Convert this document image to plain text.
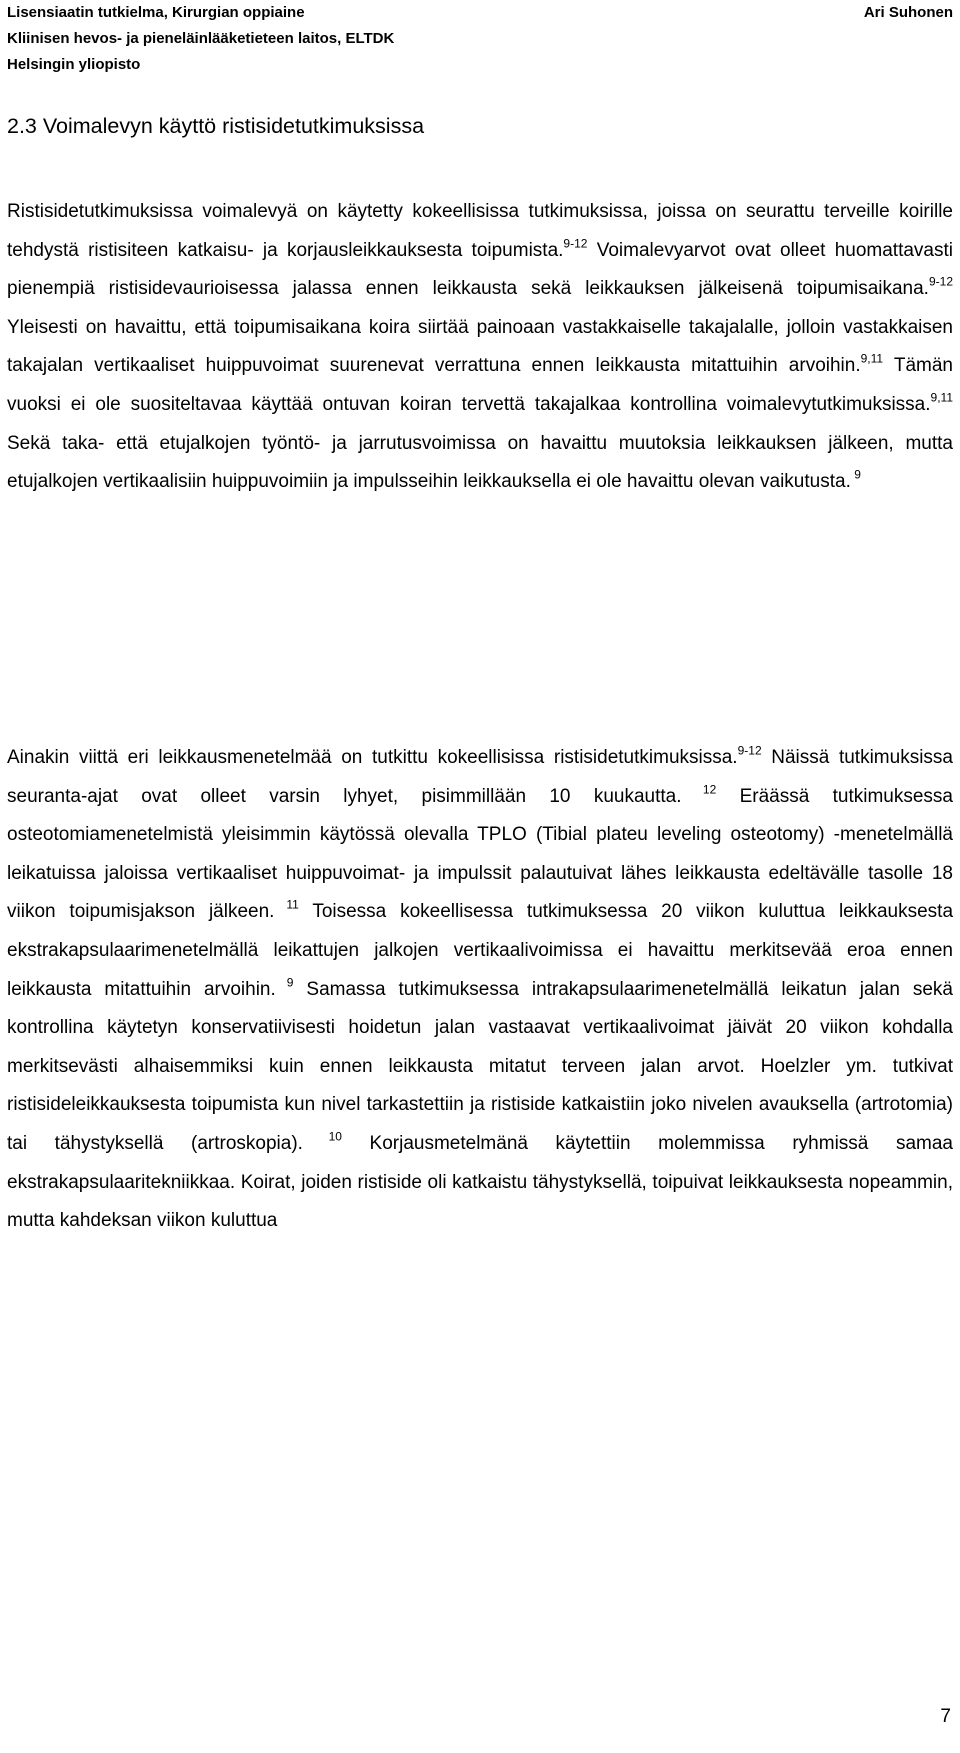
Lisensiaatin tutkielma, Kirurgian oppiaine	Ari Suhonen
Kliinisen hevos- ja pieneläinlääketieteen laitos, ELTDK
Helsingin yliopisto
2.3 Voimalevyn käyttö ristisidetutkimuksissa

Ristisidetutkimuksissa voimalevyä on käytetty kokeellisissa tutkimuksissa, joissa on seurattu terveille koirille tehdystä ristisiteen katkaisu- ja korjausleikkauksesta toipumista.$^{9-12}$ Voimalevyarvot ovat olleet huomattavasti pienempiä ristisidevaurioisessa jalassa ennen leikkausta sekä leikkauksen jälkeisenä toipumisaikana.$^{9-12}$ Yleisesti on havaittu, että toipumisaikana koira siirtää painoaan vastakkaiselle takajalalle, jolloin vastakkaisen takajalan vertikaaliset huippuvoimat suurenevat verrattuna ennen leikkausta mitattuihin arvoihin.$^{9,11}$ Tämän vuoksi ei ole suositeltavaa käyttää ontuvan koiran tervettä takajalkaa kontrollina voimalevytutkimuksissa.$^{9,11}$ Sekä taka- että etujalkojen työntö- ja jarrutusvoimissa on havaittu muutoksia leikkauksen jälkeen, mutta etujalkojen vertikaalisiin huippuvoimiin ja impulsseihin leikkauksella ei ole havaittu olevan vaikutusta. $^9$

Ainakin viittä eri leikkausmenetelmää on tutkittu kokeellisissa ristisidetutkimuksissa.$^{9-12}$ Näissä tutkimuksissa seuranta-ajat ovat olleet varsin lyhyet, pisimmillään 10 kuukautta. $^{12}$ Eräässä tutkimuksessa osteotomiamenetelmistä yleisimmin käytössä olevalla TPLO (Tibial plateu leveling osteotomy) -menetelmällä leikatuissa jaloissa vertikaaliset huippuvoimat- ja impulssit palautuivat lähes leikkausta edeltävälle tasolle 18 viikon toipumisjakson jälkeen. $^{11}$ Toisessa kokeellisessa tutkimuksessa 20 viikon kuluttua leikkauksesta ekstrakapsulaarimenetelmällä leikattujen jalkojen vertikaalivoimissa ei havaittu merkitsevää eroa ennen leikkausta mitattuihin arvoihin. $^9$ Samassa tutkimuksessa intrakapsulaarimenetelmällä leikatun jalan sekä kontrollina käytetyn konservatiivisesti hoidetun jalan vastaavat vertikaalivoimat jäivät 20 viikon kohdalla merkitsevästi alhaisemmiksi kuin ennen leikkausta mitatut terveen jalan arvot. Hoelzler ym. tutkivat ristisideleikkauksesta toipumista kun nivel tarkastettiin ja ristiside katkaistiin joko nivelen avauksella (artrotomia) tai tähystyksellä (artroskopia). $^{10}$ Korjausmetelmänä käytettiin molemmissa ryhmissä samaa ekstrakapsulaaritekniikkaa. Koirat, joiden ristiside oli katkaistu tähystyksellä, toipuivat leikkauksesta nopeammin, mutta kahdeksan viikon kuluttua

7
